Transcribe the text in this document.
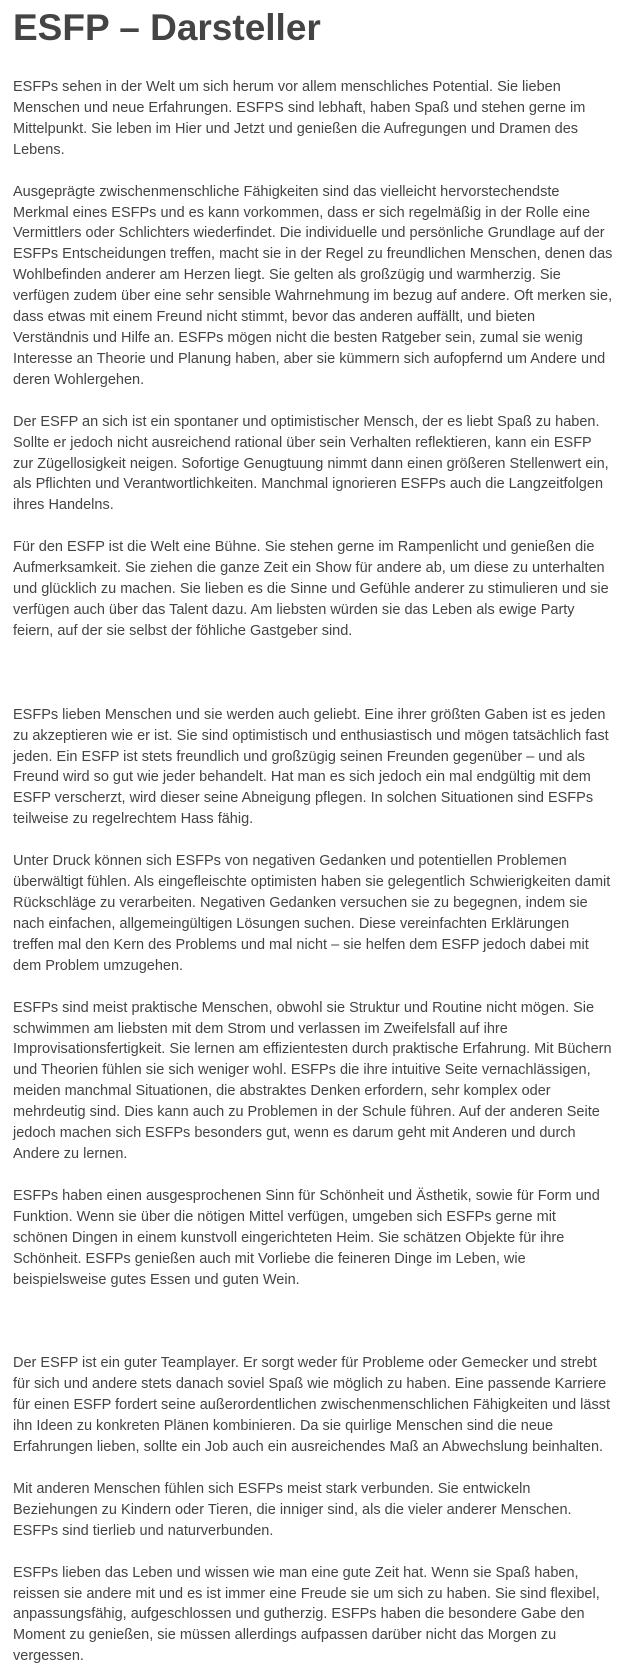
ESFP – Darsteller

ESFPs sehen in der Welt um sich herum vor allem menschliches Potential. Sie lieben Menschen und neue Erfahrungen. ESFPS sind lebhaft, haben Spaß und stehen gerne im Mittelpunkt. Sie leben im Hier und Jetzt und genießen die Aufregungen und Dramen des Lebens.

Ausgeprägte zwischenmenschliche Fähigkeiten sind das vielleicht hervorstechendste Merkmal eines ESFPs und es kann vorkommen, dass er sich regelmäßig in der Rolle eine Vermittlers oder Schlichters wiederfindet. Die individuelle und persönliche Grundlage auf der ESFPs Entscheidungen treffen, macht sie in der Regel zu freundlichen Menschen, denen das Wohlbefinden anderer am Herzen liegt. Sie gelten als großzügig und warmherzig. Sie verfügen zudem über eine sehr sensible Wahrnehmung im bezug auf andere. Oft merken sie, dass etwas mit einem Freund nicht stimmt, bevor das anderen auffällt, und bieten Verständnis und Hilfe an. ESFPs mögen nicht die besten Ratgeber sein, zumal sie wenig Interesse an Theorie und Planung haben, aber sie kümmern sich aufopfernd um Andere und deren Wohlergehen.

Der ESFP an sich ist ein spontaner und optimistischer Mensch, der es liebt Spaß zu haben. Sollte er jedoch nicht ausreichend rational über sein Verhalten reflektieren, kann ein ESFP zur Zügellosigkeit neigen. Sofortige Genugtuung nimmt dann einen größeren Stellenwert ein, als Pflichten und Verantwortlichkeiten. Manchmal ignorieren ESFPs auch die Langzeitfolgen ihres Handelns.

Für den ESFP ist die Welt eine Bühne. Sie stehen gerne im Rampenlicht und genießen die Aufmerksamkeit. Sie ziehen die ganze Zeit ein Show für andere ab, um diese zu unterhalten und glücklich zu machen. Sie lieben es die Sinne und Gefühle anderer zu stimulieren und sie verfügen auch über das Talent dazu. Am liebsten würden sie das Leben als ewige Party feiern, auf der sie selbst der föhliche Gastgeber sind.

ESFPs lieben Menschen und sie werden auch geliebt. Eine ihrer größten Gaben ist es jeden zu akzeptieren wie er ist. Sie sind optimistisch und enthusiastisch und mögen tatsächlich fast jeden. Ein ESFP ist stets freundlich und großzügig seinen Freunden gegenüber – und als Freund wird so gut wie jeder behandelt. Hat man es sich jedoch ein mal endgültig mit dem ESFP verscherzt, wird dieser seine Abneigung pflegen. In solchen Situationen sind ESFPs teilweise zu regelrechtem Hass fähig.

Unter Druck können sich ESFPs von negativen Gedanken und potentiellen Problemen überwältigt fühlen. Als eingefleischte optimisten haben sie gelegentlich Schwierigkeiten damit Rückschläge zu verarbeiten. Negativen Gedanken versuchen sie zu begegnen, indem sie nach einfachen, allgemeingültigen Lösungen suchen. Diese vereinfachten Erklärungen treffen mal den Kern des Problems und mal nicht – sie helfen dem ESFP jedoch dabei mit dem Problem umzugehen.

ESFPs sind meist praktische Menschen, obwohl sie Struktur und Routine nicht mögen. Sie schwimmen am liebsten mit dem Strom und verlassen im Zweifelsfall auf ihre Improvisationsfertigkeit. Sie lernen am effizientesten durch praktische Erfahrung. Mit Büchern und Theorien fühlen sie sich weniger wohl. ESFPs die ihre intuitive Seite vernachlässigen, meiden manchmal Situationen, die abstraktes Denken erfordern, sehr komplex oder mehrdeutig sind. Dies kann auch zu Problemen in der Schule führen. Auf der anderen Seite jedoch machen sich ESFPs besonders gut, wenn es darum geht mit Anderen und durch Andere zu lernen.

ESFPs haben einen ausgesprochenen Sinn für Schönheit und Ästhetik, sowie für Form und Funktion. Wenn sie über die nötigen Mittel verfügen, umgeben sich ESFPs gerne mit schönen Dingen in einem kunstvoll eingerichteten Heim. Sie schätzen Objekte für ihre Schönheit. ESFPs genießen auch mit Vorliebe die feineren Dinge im Leben, wie beispielsweise gutes Essen und guten Wein.

Der ESFP ist ein guter Teamplayer. Er sorgt weder für Probleme oder Gemecker und strebt für sich und andere stets danach soviel Spaß wie möglich zu haben. Eine passende Karriere für einen ESFP fordert seine außerordentlichen zwischenmenschlichen Fähigkeiten und lässt ihn Ideen zu konkreten Plänen kombinieren. Da sie quirlige Menschen sind die neue Erfahrungen lieben, sollte ein Job auch ein ausreichendes Maß an Abwechslung beinhalten.

Mit anderen Menschen fühlen sich ESFPs meist stark verbunden. Sie entwickeln Beziehungen zu Kindern oder Tieren, die inniger sind, als die vieler anderer Menschen. ESFPs sind tierlieb und naturverbunden.

ESFPs lieben das Leben und wissen wie man eine gute Zeit hat. Wenn sie Spaß haben, reissen sie andere mit und es ist immer eine Freude sie um sich zu haben. Sie sind flexibel, anpassungsfähig, aufgeschlossen und gutherzig. ESFPs haben die besondere Gabe den Moment zu genießen, sie müssen allerdings aufpassen darüber nicht das Morgen zu vergessen.
